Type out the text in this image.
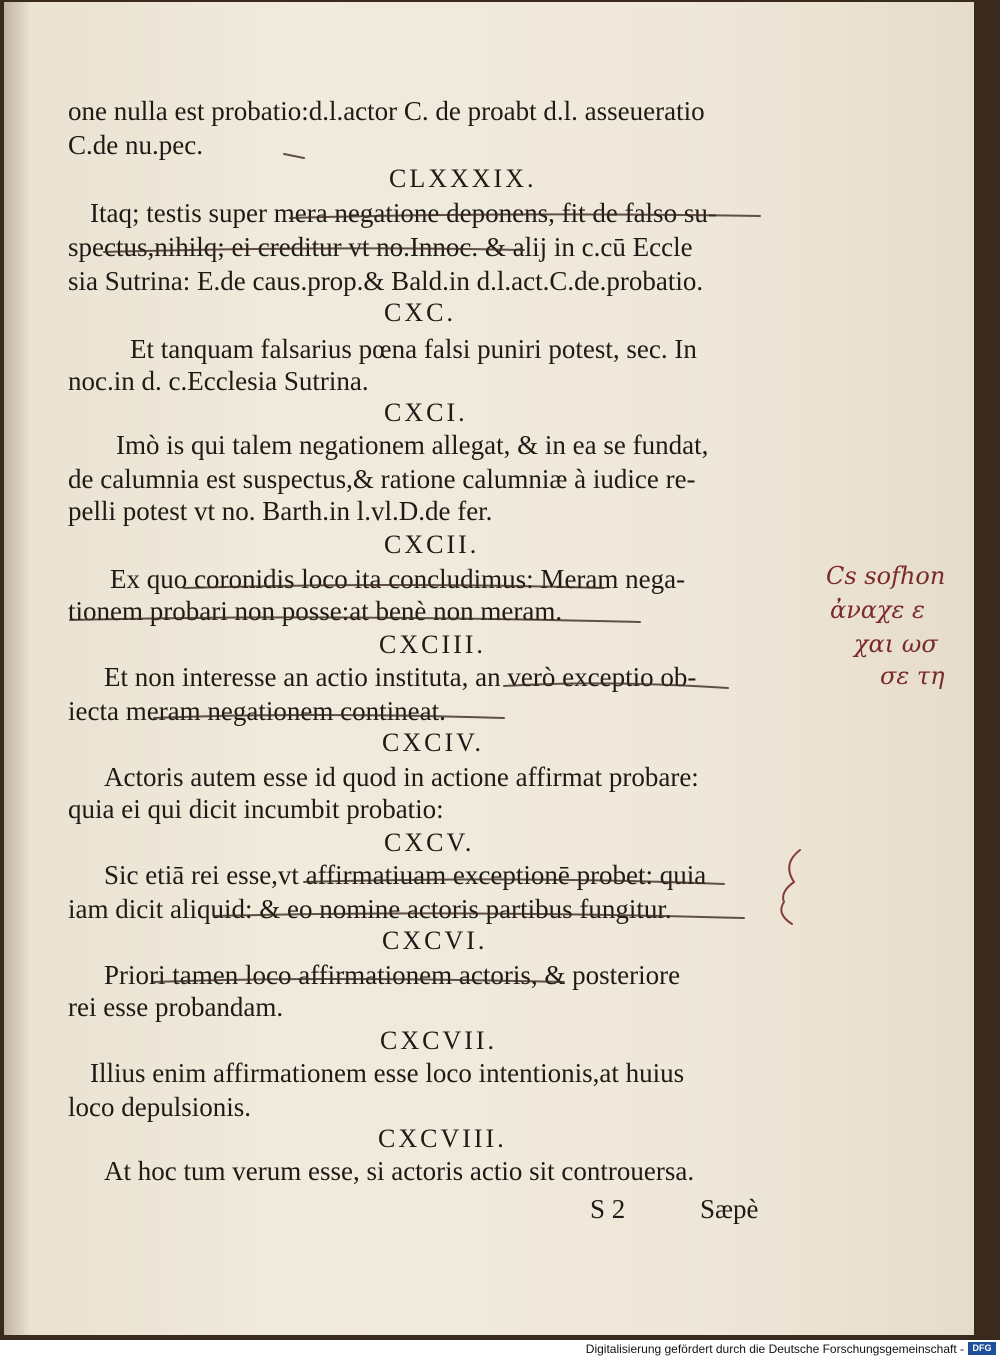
one nulla est probatio:d.l.actor C. de proabt d.l. asseueratio
C.de nu.pec.
CLXXXIX.
Itaq; testis super mera negatione deponens, fit de falso su-
spectus,nihilq; ei creditur vt no.Innoc. & alij in c.cū Eccle
sia Sutrina: E.de caus.prop.& Bald.in d.l.act.C.de.probatio.
CXC.
Et tanquam falsarius pœna falsi puniri potest, sec. In
noc.in d. c.Ecclesia Sutrina.
CXCI.
Imò is qui talem negationem allegat, & in ea se fundat,
de calumnia est suspectus,& ratione calumniæ à iudice re-
pelli potest vt no. Barth.in l.vl.D.de fer.
CXCII.
Ex quo coronidis loco ita concludimus: Meram nega-
tionem probari non posse:at benè non meram.
CXCIII.
Et non interesse an actio instituta, an verò exceptio ob-
iecta meram negationem contineat.
CXCIV.
Actoris autem esse id quod in actione affirmat probare:
quia ei qui dicit incumbit probatio:
CXCV.
Sic etiā rei esse,vt affirmatiuam exceptionē probet: quia
iam dicit aliquid: & eo nomine actoris partibus fungitur.
CXCVI.
Priori tamen loco affirmationem actoris, & posteriore
rei esse probandam.
CXCVII.
Illius enim affirmationem esse loco intentionis,at huius
loco depulsionis.
CXCVIII.
At hoc tum verum esse, si actoris actio sit controuersa.
S 2	Sæpè
Cs sofhon
ἀναχε ε
χαι ωσ
σε τη
Digitalisierung gefördert durch die Deutsche Forschungsgemeinschaft - DFG
